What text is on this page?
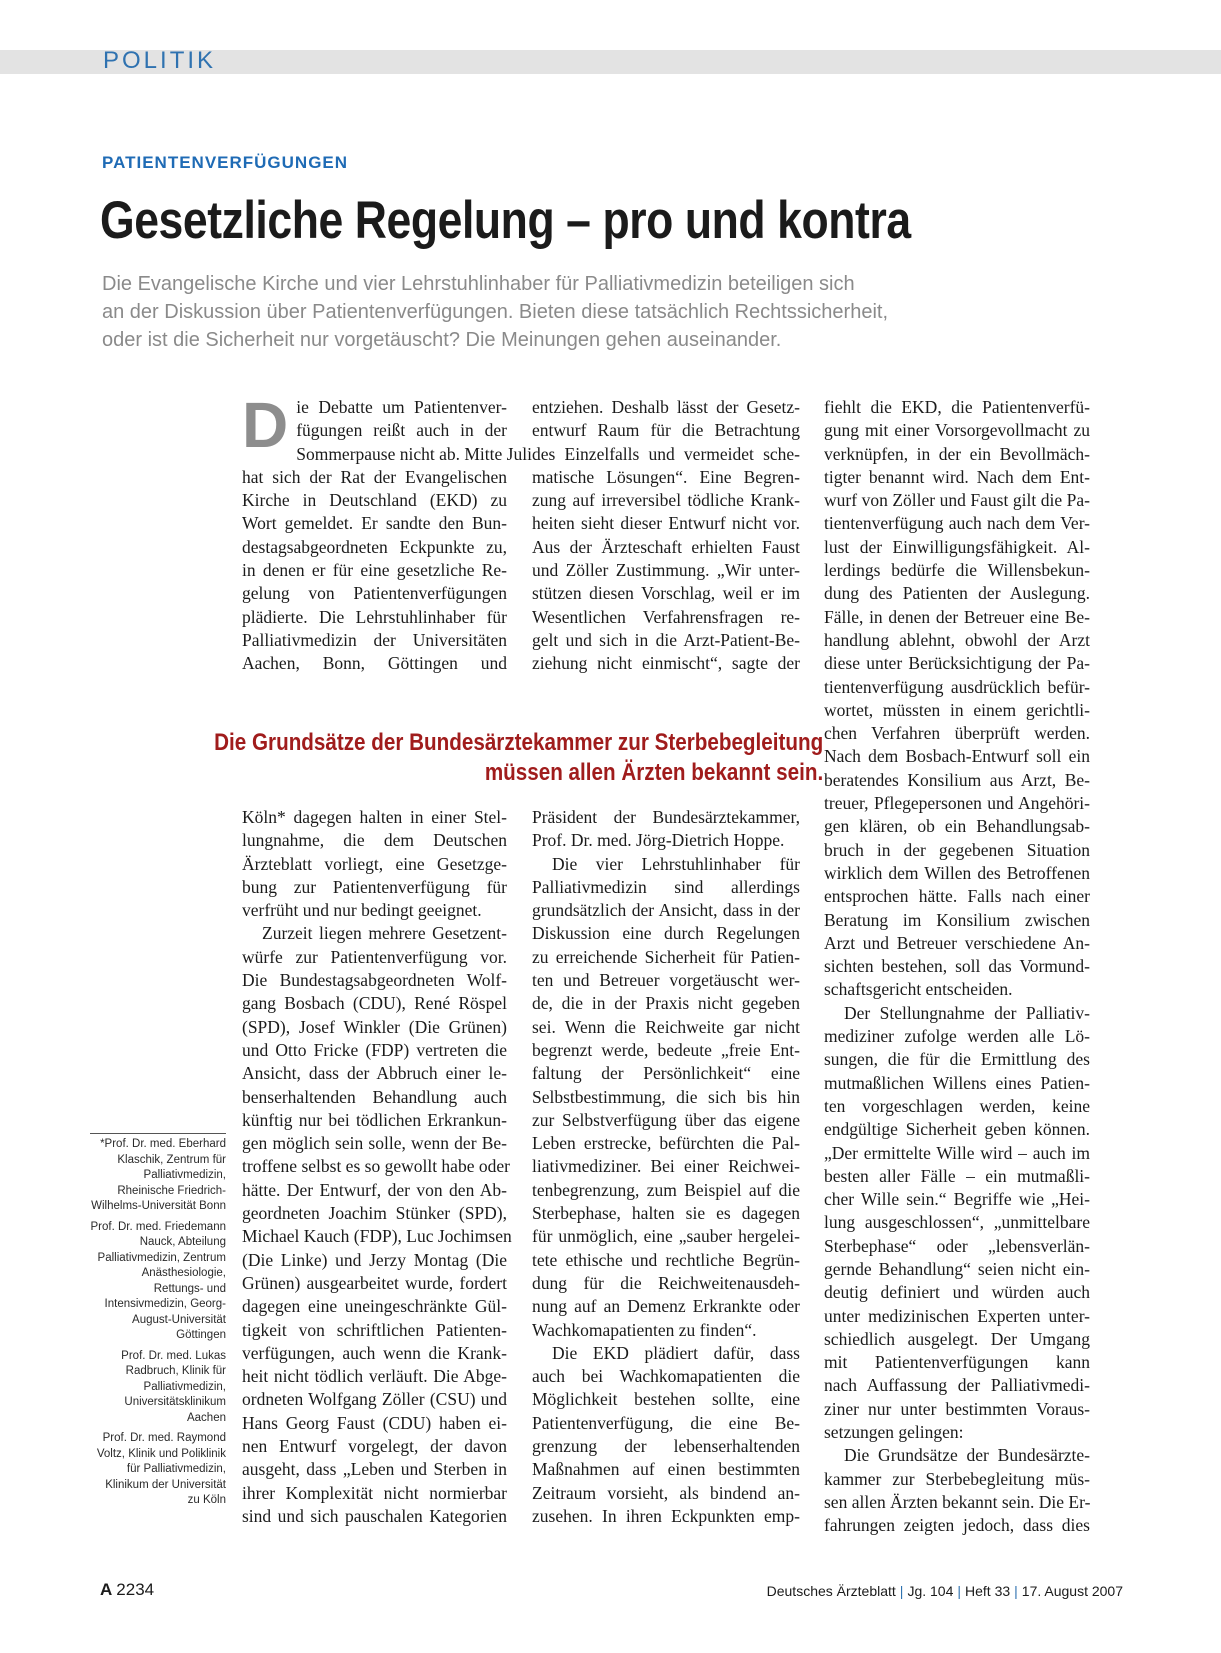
POLITIK
PATIENTENVERFÜGUNGEN
Gesetzliche Regelung – pro und kontra
Die Evangelische Kirche und vier Lehrstuhlinhaber für Palliativmedizin beteiligen sich
an der Diskussion über Patientenverfügungen. Bieten diese tatsächlich Rechtssicherheit,
oder ist die Sicherheit nur vorgetäuscht? Die Meinungen gehen auseinander.
D ie Debatte um Patientenver-
fügungen reißt auch in der
Sommerpause nicht ab. Mitte Juli
hat sich der Rat der Evangelischen
Kirche in Deutschland (EKD) zu
Wort gemeldet. Er sandte den Bun-
destagsabgeordneten Eckpunkte zu,
in denen er für eine gesetzliche Re-
gelung von Patientenverfügungen
plädierte. Die Lehrstuhlinhaber für
Palliativmedizin der Universitäten
Aachen, Bonn, Göttingen und
entziehen. Deshalb lässt der Gesetz-
entwurf Raum für die Betrachtung
des Einzelfalls und vermeidet sche-
matische Lösungen“. Eine Begren-
zung auf irreversibel tödliche Krank-
heiten sieht dieser Entwurf nicht vor.
Aus der Ärzteschaft erhielten Faust
und Zöller Zustimmung. „Wir unter-
stützen diesen Vorschlag, weil er im
Wesentlichen Verfahrensfragen re-
gelt und sich in die Arzt-Patient-Be-
ziehung nicht einmischt“, sagte der
Die Grundsätze der Bundesärztekammer zur Sterbebegleitung
müssen allen Ärzten bekannt sein.
Köln* dagegen halten in einer Stel-
lungnahme, die dem Deutschen
Ärzteblatt vorliegt, eine Gesetzge-
bung zur Patientenverfügung für
verfrüht und nur bedingt geeignet.
Zurzeit liegen mehrere Gesetzent-
würfe zur Patientenverfügung vor.
Die Bundestagsabgeordneten Wolf-
gang Bosbach (CDU), René Röspel
(SPD), Josef Winkler (Die Grünen)
und Otto Fricke (FDP) vertreten die
Ansicht, dass der Abbruch einer le-
benserhaltenden Behandlung auch
künftig nur bei tödlichen Erkrankun-
gen möglich sein solle, wenn der Be-
troffene selbst es so gewollt habe oder
hätte. Der Entwurf, der von den Ab-
geordneten Joachim Stünker (SPD),
Michael Kauch (FDP), Luc Jochimsen
(Die Linke) und Jerzy Montag (Die
Grünen) ausgearbeitet wurde, fordert
dagegen eine uneingeschränkte Gül-
tigkeit von schriftlichen Patienten-
verfügungen, auch wenn die Krank-
heit nicht tödlich verläuft. Die Abge-
ordneten Wolfgang Zöller (CSU) und
Hans Georg Faust (CDU) haben ei-
nen Entwurf vorgelegt, der davon
ausgeht, dass „Leben und Sterben in
ihrer Komplexität nicht normierbar
sind und sich pauschalen Kategorien
Präsident der Bundesärztekammer,
Prof. Dr. med. Jörg-Dietrich Hoppe.
Die vier Lehrstuhlinhaber für
Palliativmedizin sind allerdings
grundsätzlich der Ansicht, dass in der
Diskussion eine durch Regelungen
zu erreichende Sicherheit für Patien-
ten und Betreuer vorgetäuscht wer-
de, die in der Praxis nicht gegeben
sei. Wenn die Reichweite gar nicht
begrenzt werde, bedeute „freie Ent-
faltung der Persönlichkeit“ eine
Selbstbestimmung, die sich bis hin
zur Selbstverfügung über das eigene
Leben erstrecke, befürchten die Pal-
liativmediziner. Bei einer Reichwei-
tenbegrenzung, zum Beispiel auf die
Sterbephase, halten sie es dagegen
für unmöglich, eine „sauber hergelei-
tete ethische und rechtliche Begrün-
dung für die Reichweitenausdeh-
nung auf an Demenz Erkrankte oder
Wachkomapatienten zu finden“.
Die EKD plädiert dafür, dass
auch bei Wachkomapatienten die
Möglichkeit bestehen sollte, eine
Patientenverfügung, die eine Be-
grenzung der lebenserhaltenden
Maßnahmen auf einen bestimmten
Zeitraum vorsieht, als bindend an-
zusehen. In ihren Eckpunkten emp-
fiehlt die EKD, die Patientenverfü-
gung mit einer Vorsorgevollmacht zu
verknüpfen, in der ein Bevollmäch-
tigter benannt wird. Nach dem Ent-
wurf von Zöller und Faust gilt die Pa-
tientenverfügung auch nach dem Ver-
lust der Einwilligungsfähigkeit. Al-
lerdings bedürfe die Willensbekun-
dung des Patienten der Auslegung.
Fälle, in denen der Betreuer eine Be-
handlung ablehnt, obwohl der Arzt
diese unter Berücksichtigung der Pa-
tientenverfügung ausdrücklich befür-
wortet, müssten in einem gerichtli-
chen Verfahren überprüft werden.
Nach dem Bosbach-Entwurf soll ein
beratendes Konsilium aus Arzt, Be-
treuer, Pflegepersonen und Angehöri-
gen klären, ob ein Behandlungsab-
bruch in der gegebenen Situation
wirklich dem Willen des Betroffenen
entsprochen hätte. Falls nach einer
Beratung im Konsilium zwischen
Arzt und Betreuer verschiedene An-
sichten bestehen, soll das Vormund-
schaftsgericht entscheiden.
Der Stellungnahme der Palliativ-
mediziner zufolge werden alle Lö-
sungen, die für die Ermittlung des
mutmaßlichen Willens eines Patien-
ten vorgeschlagen werden, keine
endgültige Sicherheit geben können.
„Der ermittelte Wille wird – auch im
besten aller Fälle – ein mutmaßli-
cher Wille sein.“ Begriffe wie „Hei-
lung ausgeschlossen“, „unmittelbare
Sterbephase“ oder „lebensverlän-
gernde Behandlung“ seien nicht ein-
deutig definiert und würden auch
unter medizinischen Experten unter-
schiedlich ausgelegt. Der Umgang
mit Patientenverfügungen kann
nach Auffassung der Palliativmedi-
ziner nur unter bestimmten Voraus-
setzungen gelingen:
Die Grundsätze der Bundesärzte-
kammer zur Sterbebegleitung müs-
sen allen Ärzten bekannt sein. Die Er-
fahrungen zeigten jedoch, dass dies

*Prof. Dr. med. Eberhard Klaschik, Zentrum für Palliativmedizin, Rheinische Friedrich-Wilhelms-Universität Bonn

Prof. Dr. med. Friedemann Nauck, Abteilung Palliativmedizin, Zentrum Anästhesiologie, Rettungs- und Intensivmedizin, Georg-August-Universität Göttingen

Prof. Dr. med. Lukas Radbruch, Klinik für Palliativmedizin, Universitätsklinikum Aachen

Prof. Dr. med. Raymond Voltz, Klinik und Poliklinik für Palliativmedizin, Klinikum der Universität zu Köln

A 2234	Deutsches Ärzteblatt | Jg. 104 | Heft 33 | 17. August 2007
